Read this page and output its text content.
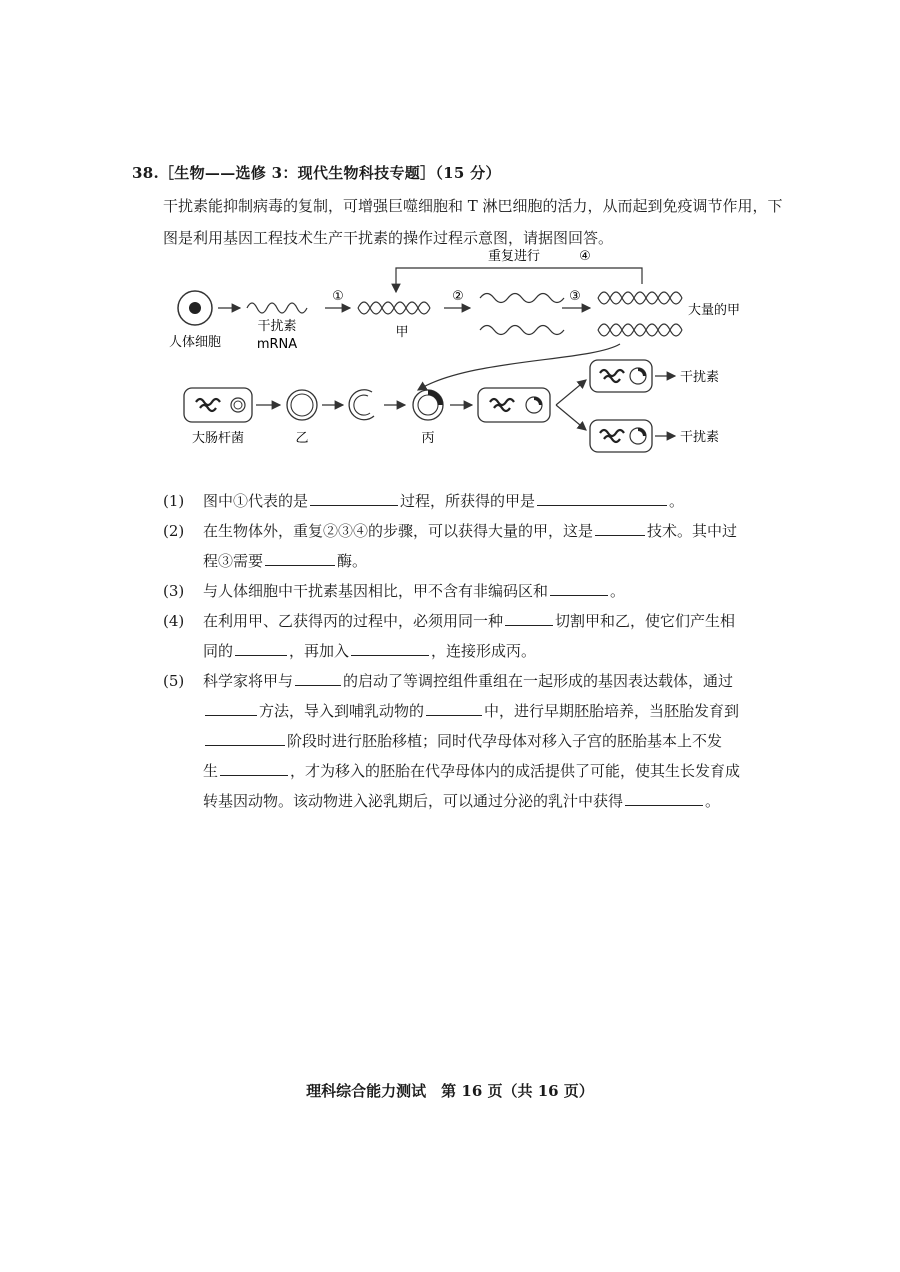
38.［生物——选修 3：现代生物科技专题］（15 分）
干扰素能抑制病毒的复制，可增强巨噬细胞和 T 淋巴细胞的活力，从而起到免疫调节作用，下图是利用基因工程技术生产干扰素的操作过程示意图，请据图回答。
人体细胞
干扰素
mRNA
①
甲
②	③
大量的甲
重复进行	④
大肠杆菌	乙	丙
干扰素
干扰素
(1)	图中①代表的是	过程，所获得的甲是	。
(2)	在生物体外，重复②③④的步骤，可以获得大量的甲，这是	技术。其中过
程③需要	酶。
(3)	与人体细胞中干扰素基因相比，甲不含有非编码区和	。
(4)	在利用甲、乙获得丙的过程中，必须用同一种	切割甲和乙，使它们产生相
同的	，再加入	，连接形成丙。
(5)	科学家将甲与	的启动了等调控组件重组在一起形成的基因表达载体，通过
方法，导入到哺乳动物的	中，进行早期胚胎培养，当胚胎发育到
阶段时进行胚胎移植；同时代孕母体对移入子宫的胚胎基本上不发
生	，才为移入的胚胎在代孕母体内的成活提供了可能，使其生长发育成
转基因动物。该动物进入泌乳期后，可以通过分泌的乳汁中获得	。
理科综合能力测试　第 16 页（共 16 页）
